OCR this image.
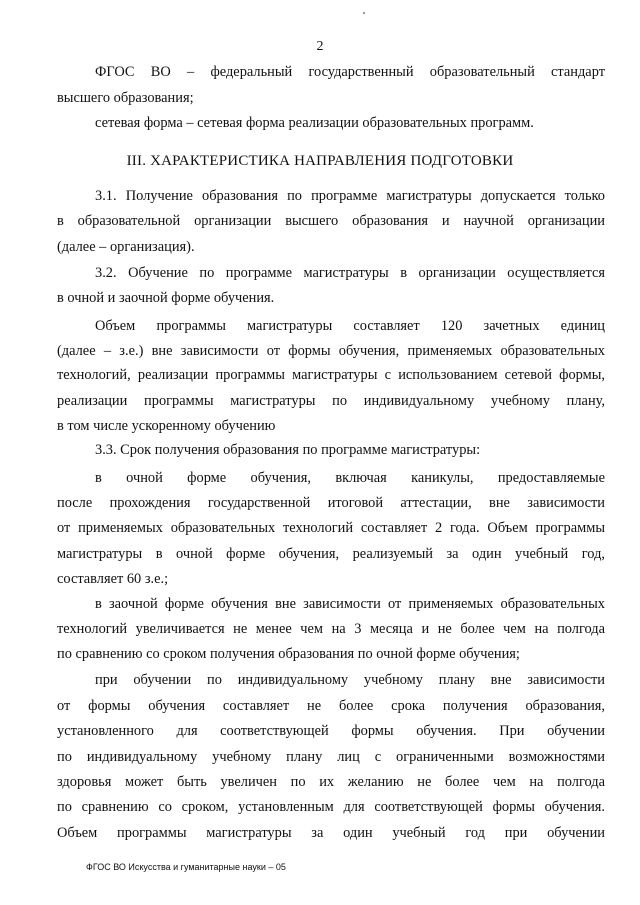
2
ФГОС ВО – федеральный государственный образовательный стандарт
высшего образования;
сетевая форма – сетевая форма реализации образовательных программ.
III. ХАРАКТЕРИСТИКА НАПРАВЛЕНИЯ ПОДГОТОВКИ
3.1. Получение образования по программе магистратуры допускается только
в образовательной организации высшего образования и научной организации
(далее – организация).
3.2. Обучение по программе магистратуры в организации осуществляется
в очной и заочной форме обучения.
Объем программы магистратуры составляет 120 зачетных единиц
(далее – з.е.) вне зависимости от формы обучения, применяемых образовательных
технологий, реализации программы магистратуры с использованием сетевой формы,
реализации программы магистратуры по индивидуальному учебному плану,
в том числе ускоренному обучению
3.3. Срок получения образования по программе магистратуры:
в очной форме обучения, включая каникулы, предоставляемые
после прохождения государственной итоговой аттестации, вне зависимости
от применяемых образовательных технологий составляет 2 года. Объем программы
магистратуры в очной форме обучения, реализуемый за один учебный год,
составляет 60 з.е.;
в заочной форме обучения вне зависимости от применяемых образовательных
технологий увеличивается не менее чем на 3 месяца и не более чем на полгода
по сравнению со сроком получения образования по очной форме обучения;
при обучении по индивидуальному учебному плану вне зависимости
от формы обучения составляет не более срока получения образования,
установленного для соответствующей формы обучения. При обучении
по индивидуальному учебному плану лиц с ограниченными возможностями
здоровья может быть увеличен по их желанию не более чем на полгода
по сравнению со сроком, установленным для соответствующей формы обучения.
Объем программы магистратуры за один учебный год при обучении
ФГОС ВО Искусства и гуманитарные науки – 05
